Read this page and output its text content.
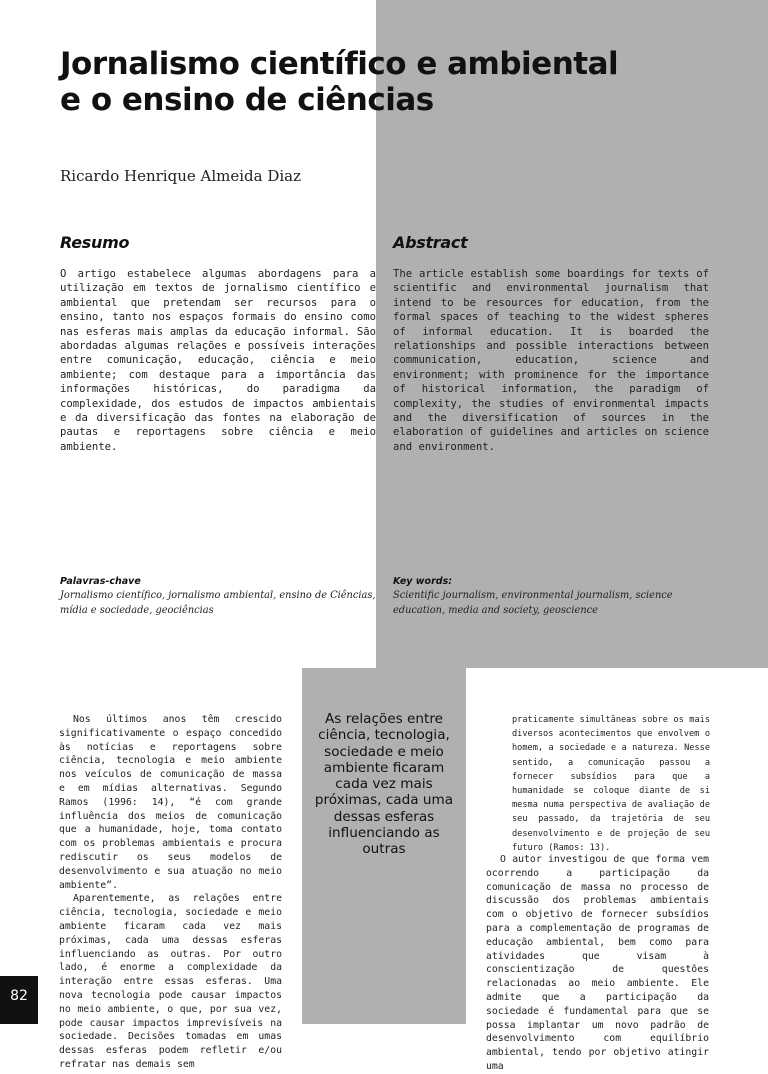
Jornalismo científico e ambiental
e o ensino de ciências
Ricardo Henrique Almeida Diaz
Resumo

O artigo estabelece algumas abordagens para a utilização em textos de jornalismo científico e ambiental que pretendam ser recursos para o ensino, tanto nos espaços formais do ensino como nas esferas mais amplas da educação informal. São abordadas algumas relações e possíveis interações entre comunicação, educação, ciência e meio ambiente; com destaque para a importância das informações históricas, do paradigma da complexidade, dos estudos de impactos ambientais e da diversificação das fontes na elaboração de pautas e reportagens sobre ciência e meio ambiente.

Abstract

The article establish some boardings for texts of scientific and environmental journalism that intend to be resources for education, from the formal spaces of teaching to the widest spheres of informal education. It is boarded the relationships and possible interactions between communication, education, science and environment; with prominence for the importance of historical information, the paradigm of complexity, the studies of environmental impacts and the diversification of sources in the elaboration of guidelines and articles on science and environment.

Palavras-chave

Jornalismo científico, jornalismo ambiental, ensino de Ciências, mídia e sociedade, geociências

Key words:

Scientific journalism, environmental journalism, science education, media and society, geoscience

Nos últimos anos têm crescido significativamente o espaço concedido às notícias e reportagens sobre ciência, tecnologia e meio ambiente nos veículos de comunicação de massa e em mídias alternativas. Segundo Ramos (1996: 14), “é com grande influência dos meios de comunicação que a humanidade, hoje, toma contato com os problemas ambientais e procura rediscutir os seus modelos de desenvolvimento e sua atuação no meio ambiente”.

Aparentemente, as relações entre ciência, tecnologia, sociedade e meio ambiente ficaram cada vez mais próximas, cada uma dessas esferas influenciando as outras. Por outro lado, é enorme a complexidade da interação entre essas esferas. Uma nova tecnologia pode causar impactos no meio ambiente, o que, por sua vez, pode causar impactos imprevisíveis na sociedade. Decisões tomadas em umas dessas esferas podem refletir e/ou refratar nas demais sem

As relações entre ciência, tecnologia, sociedade e meio ambiente ficaram cada vez mais próximas, cada uma dessas esferas influenciando as outras

praticamente simultâneas sobre os mais diversos acontecimentos que envolvem o homem, a sociedade e a natureza. Nesse sentido, a comunicação passou a fornecer subsídios para que a humanidade se coloque diante de si mesma numa perspectiva de avaliação de seu passado, da trajetória de seu desenvolvimento e de projeção de seu futuro (Ramos: 13).

O autor investigou de que forma vem ocorrendo a participação da comunicação de massa no processo de discussão dos problemas ambientais com o objetivo de fornecer subsídios para a complementação de programas de educação ambiental, bem como para atividades que visam à conscientização de questões relacionadas ao meio ambiente. Ele admite que a participação da sociedade é fundamental para que se possa implantar um novo padrão de desenvolvimento com equilíbrio ambiental, tendo por objetivo atingir uma

82
